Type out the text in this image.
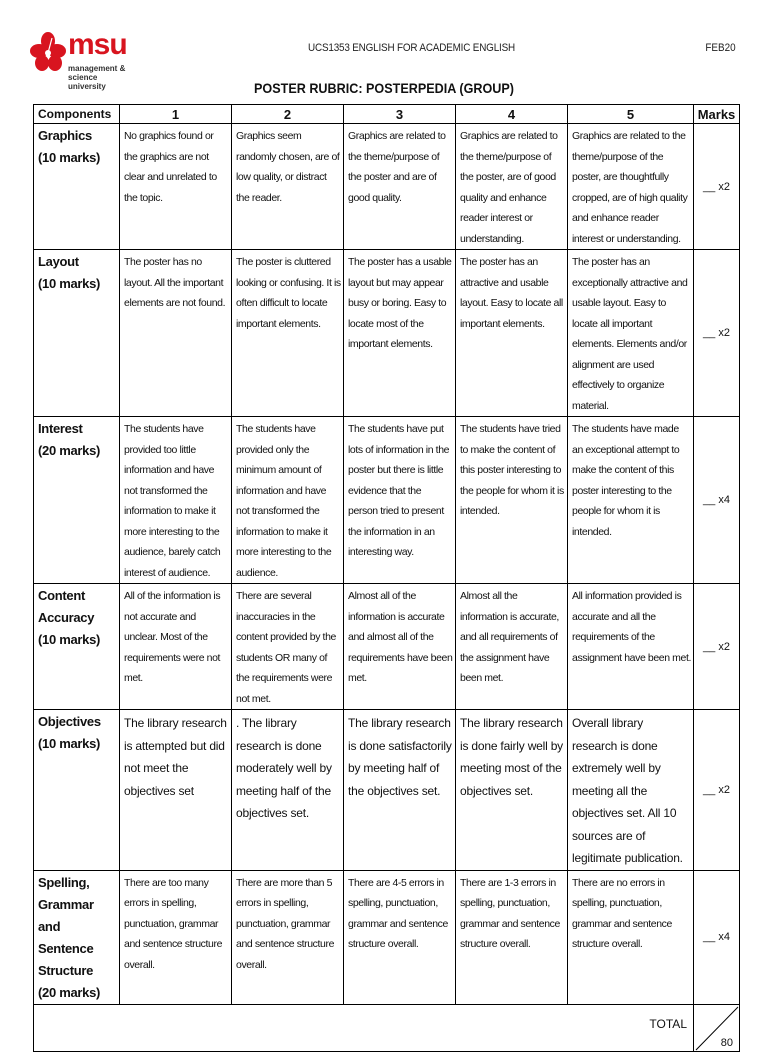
msu
management &
science university
UCS1353 ENGLISH FOR ACADEMIC ENGLISH	FEB20
POSTER RUBRIC: POSTERPEDIA (GROUP)
Components	1	2	3	4	5	Marks
Graphics
(10 marks)	No graphics found or the graphics are not clear and unrelated to the topic.	Graphics seem randomly chosen, are of low quality, or distract the reader.	Graphics are related to the theme/purpose of the poster and are of good quality.	Graphics are related to the theme/purpose of the poster, are of good quality and enhance reader interest or understanding.	Graphics are related to the theme/purpose of the poster, are thoughtfully cropped, are of high quality and enhance reader interest or understanding.	__ x2
Layout
(10 marks)	The poster has no layout. All the important elements are not found.	The poster is cluttered looking or confusing. It is often difficult to locate important elements.	The poster has a usable layout but may appear busy or boring. Easy to locate most of the important elements.	The poster has an attractive and usable layout. Easy to locate all important elements.	The poster has an exceptionally attractive and usable layout. Easy to locate all important elements. Elements and/or alignment are used effectively to organize material.	__ x2
Interest
(20 marks)	The students have provided too little information and have not transformed the information to make it more interesting to the audience, barely catch interest of audience.	The students have provided only the minimum amount of information and have not transformed the information to make it more interesting to the audience.	The students have put lots of information in the poster but there is little evidence that the person tried to present the information in an interesting way.	The students have tried to make the content of this poster interesting to the people for whom it is intended.	The students have made an exceptional attempt to make the content of this poster interesting to the people for whom it is intended.	__ x4
Content
Accuracy
(10 marks)	All of the information is not accurate and unclear. Most of the requirements were not met.	There are several inaccuracies in the content provided by the students OR many of the requirements were not met.	Almost all of the information is accurate and almost all of the requirements have been met.	Almost all the information is accurate, and all requirements of the assignment have been met.	All information provided is accurate and all the requirements of the assignment have been met.	__ x2
Objectives
(10 marks)	The library research is attempted but did not meet the objectives set	. The library research is done moderately well by meeting half of the objectives set.	The library research is done satisfactorily by meeting half of the objectives set.	The library research is done fairly well by meeting most of the objectives set.	Overall library research is done extremely well by meeting all the objectives set. All 10 sources are of legitimate publication.	__ x2
Spelling,
Grammar and
Sentence
Structure
(20 marks)	There are too many errors in spelling, punctuation, grammar and sentence structure overall.	There are more than 5 errors in spelling, punctuation, grammar and sentence structure overall.	There are 4-5 errors in spelling, punctuation, grammar and sentence structure overall.	There are 1-3 errors in spelling, punctuation, grammar and sentence structure overall.	There are no errors in spelling, punctuation, grammar and sentence structure overall.	__ x4
TOTAL						80
